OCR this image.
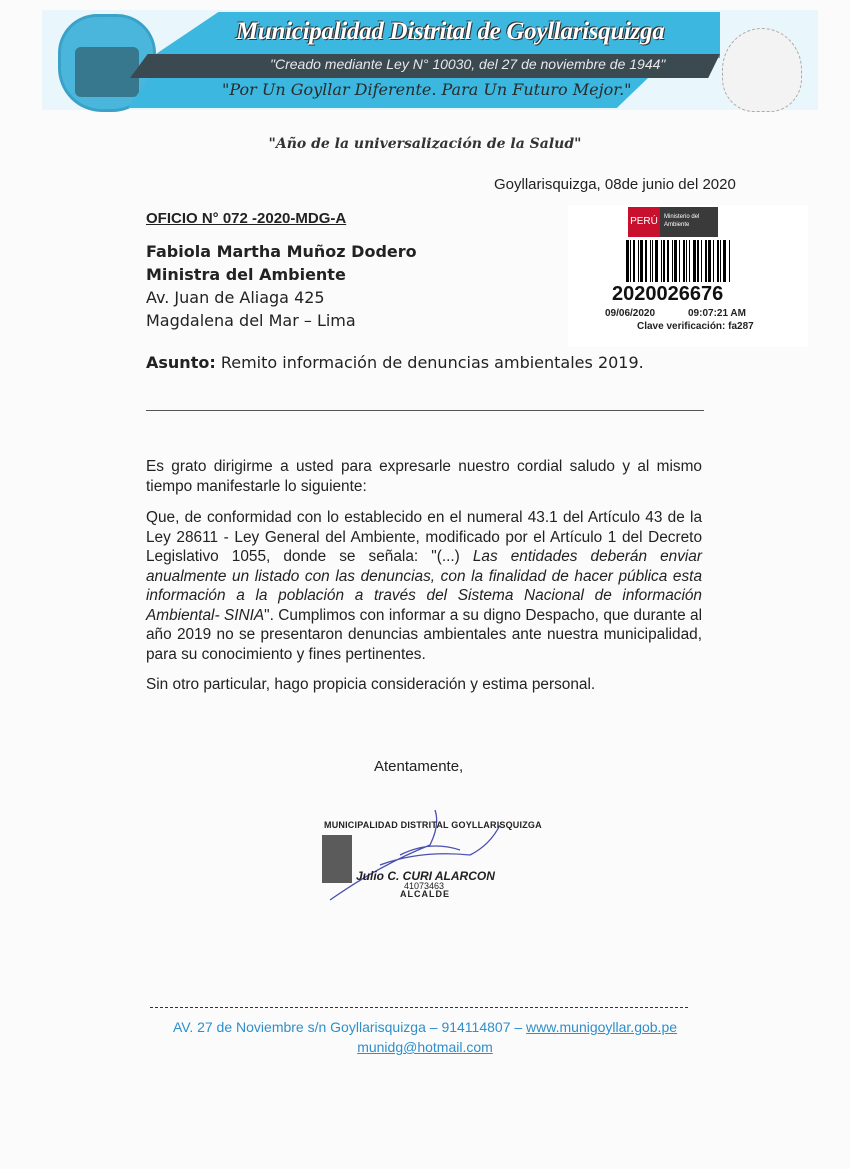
Municipalidad Distrital de Goyllarisquizga
"Creado mediante Ley N° 10030, del 27 de noviembre de 1944"
"Por Un Goyllar Diferente. Para Un Futuro Mejor."
"Año de la universalización de la Salud"
Goyllarisquizga, 08de junio del 2020
OFICIO N° 072 -2020-MDG-A
Fabiola Martha Muñoz Dodero
Ministra del Ambiente
Av. Juan de Aliaga 425
Magdalena del Mar – Lima
PERÚ	Ministerio del Ambiente
2020026676
09/06/2020	09:07:21 AM
Clave verificación: fa287
Asunto: Remito información de denuncias ambientales 2019.
Es grato dirigirme a usted para expresarle nuestro cordial saludo y al mismo tiempo manifestarle lo siguiente:
Que, de conformidad con lo establecido en el numeral 43.1 del Artículo 43 de la Ley 28611 - Ley General del Ambiente, modificado por el Artículo 1 del Decreto Legislativo 1055, donde se señala: "(...) Las entidades deberán enviar anualmente un listado con las denuncias, con la finalidad de hacer pública esta información a la población a través del Sistema Nacional de información Ambiental- SINIA". Cumplimos con informar a su digno Despacho, que durante al año 2019 no se presentaron denuncias ambientales ante nuestra municipalidad, para su conocimiento y fines pertinentes.
Sin otro particular, hago propicia consideración y estima personal.
Atentamente,
MUNICIPALIDAD DISTRITAL GOYLLARISQUIZGA
Julio C. CURI ALARCON
41073463
ALCALDE
AV. 27 de Noviembre s/n Goyllarisquizga – 914114807 – www.munigoyllar.gob.pe
munidg@hotmail.com
